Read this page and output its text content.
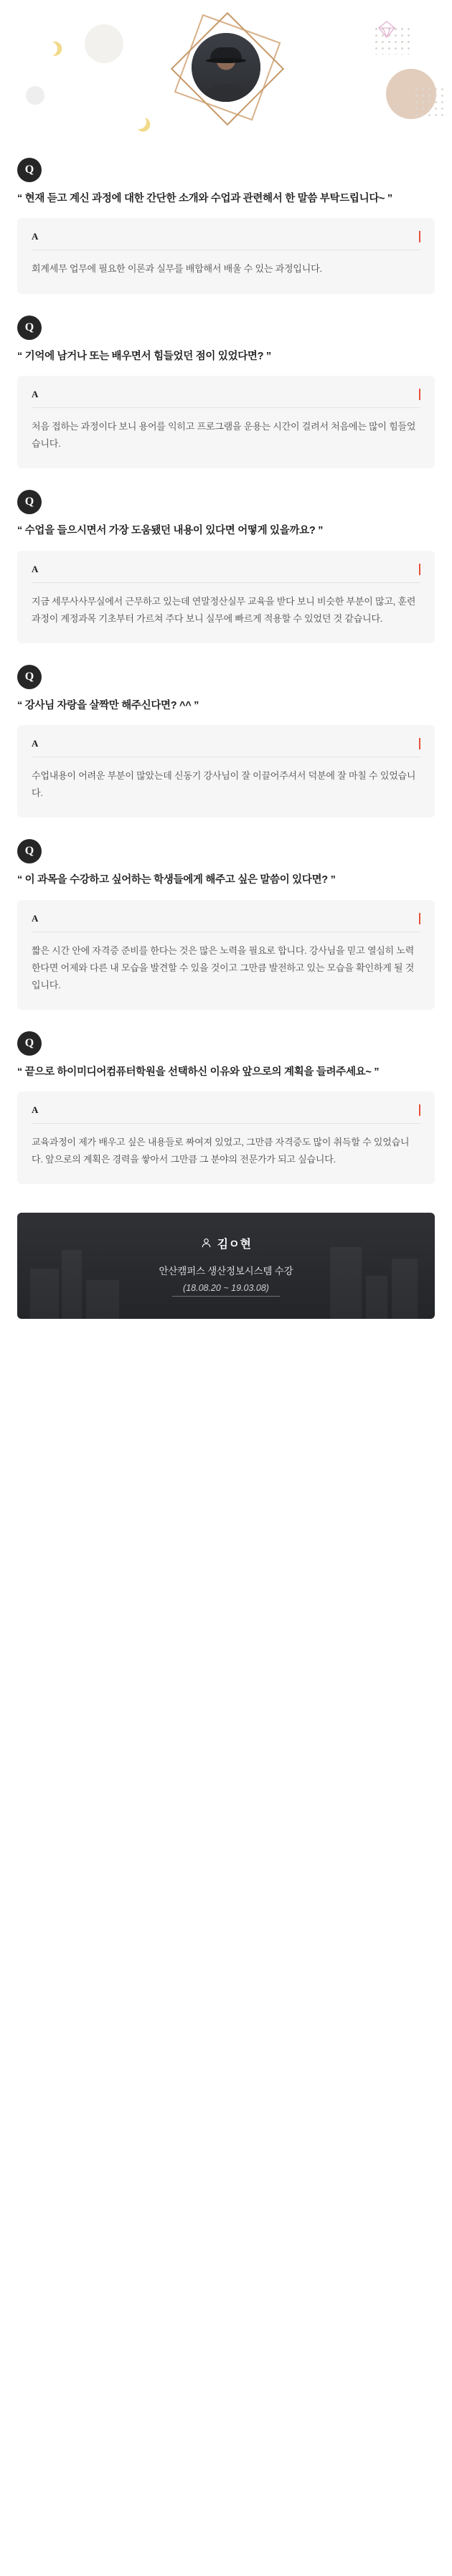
Q
“ 현재 듣고 계신 과정에 대한 간단한 소개와 수업과 관련해서 한 말씀 부탁드립니다~ ”
A
회계세무 업무에 필요한 이론과 실무를 배합해서 배울 수 있는 과정입니다.
Q
“ 기억에 남거나 또는 배우면서 힘들었던 점이 있었다면? ”
A
처음 접하는 과정이다 보니 용어를 익히고 프로그램을 운용는 시간이 걸려서 처음에는 많이 힘들었습니다.
Q
“ 수업을 들으시면서 가장 도움됐던 내용이 있다면 어떻게 있을까요? ”
A
지금 세무사사무실에서 근무하고 있는데 연말정산실무 교육을 받다 보니 비슷한 부분이 많고, 훈련과정이 계정과목 기초부터 가르쳐 주다 보니 실무에 빠르게 적용할 수 있었던 것 같습니다.
Q
“ 강사님 자랑을 살짝만 해주신다면? ^^ ”
A
수업내용이 어려운 부분이 많았는데 신동기 강사님이 잘 이끌어주셔서 덕분에 잘 마칠 수 있었습니다.
Q
“ 이 과목을 수강하고 싶어하는 학생들에게 해주고 싶은 말씀이 있다면? ”
A
짧은 시간 안에 자격증 준비를 한다는 것은 많은 노력을 필요로 합니다. 강사님을 믿고 열심히 노력한다면 어제와 다른 내 모습을 발견할 수 있을 것이고 그만큼 발전하고 있는 모습을 확인하게 될 것 입니다.
Q
“ 끝으로 하이미디어컴퓨터학원을 선택하신 이유와 앞으로의 계획을 들려주세요~ ”
A
교육과정이 제가 배우고 싶은 내용들로 짜여져 있었고, 그만큼 자격증도 많이 취득할 수 있었습니다. 앞으로의 계획은 경력을 쌓아서 그만큼 그 분야의 전문가가 되고 싶습니다.
김ㅇ현
안산캠퍼스 생산정보시스템 수강
(18.08.20 ~ 19.03.08)
